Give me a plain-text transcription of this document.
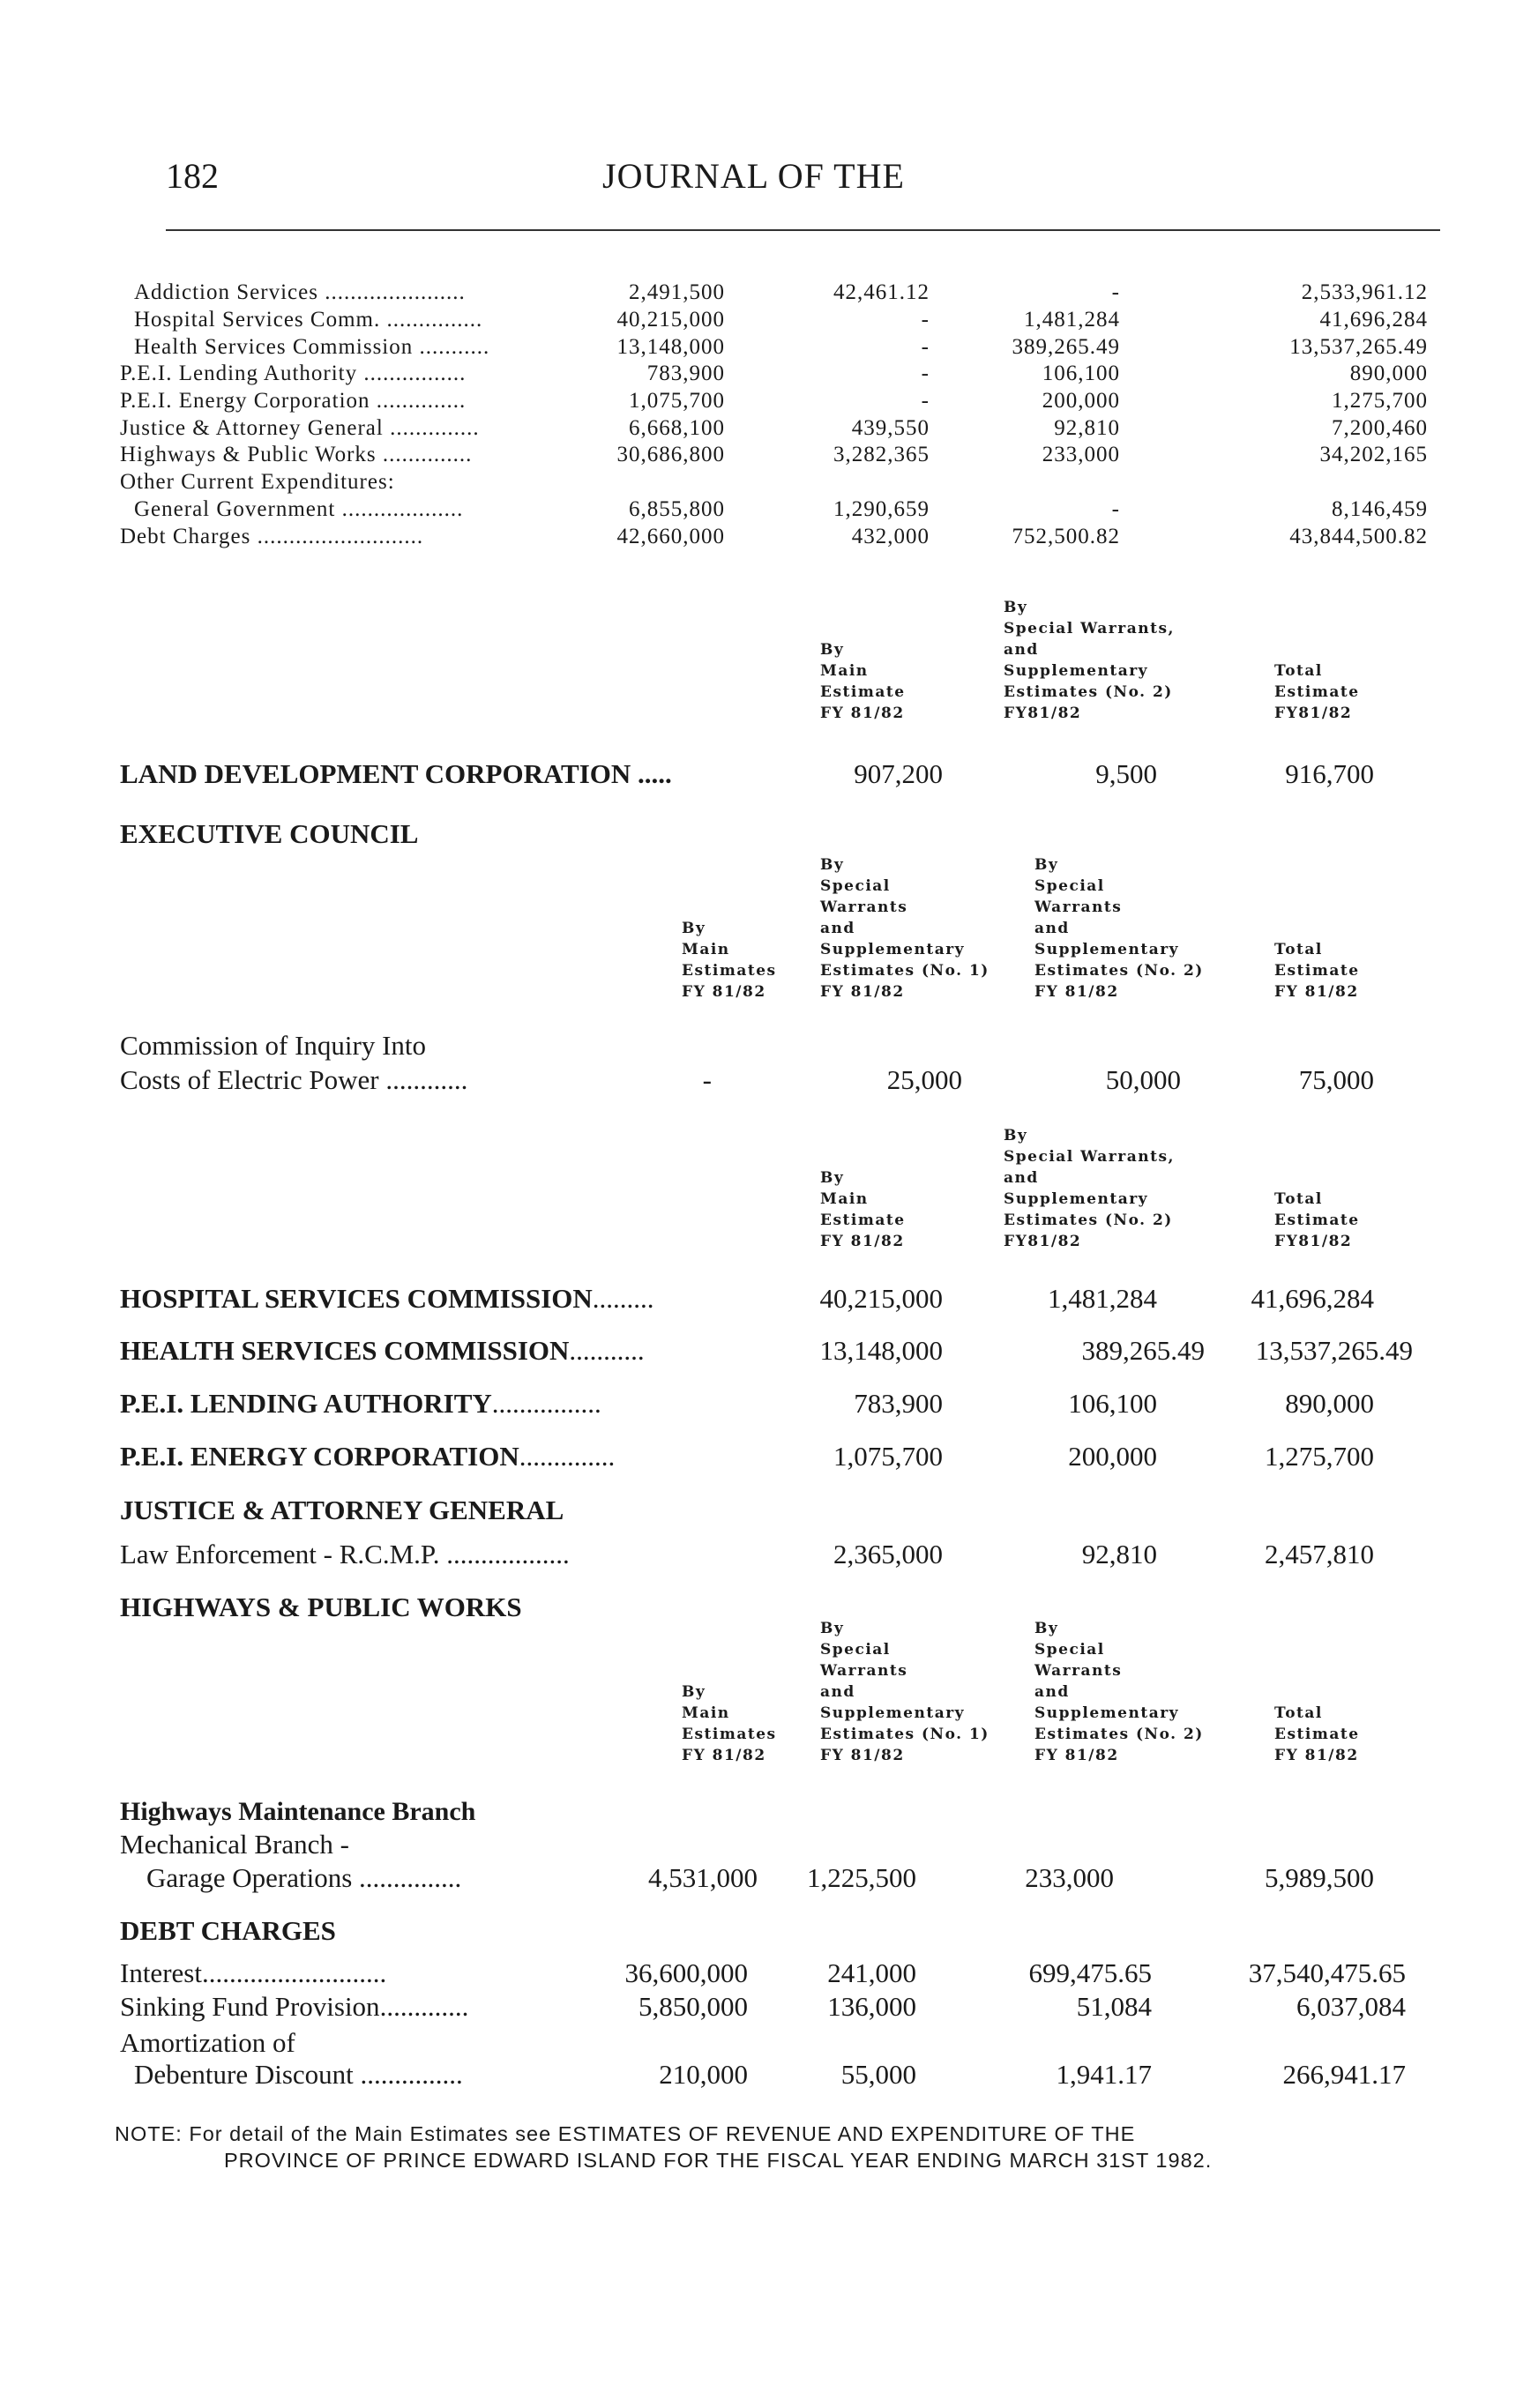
182	JOURNAL OF THE
Addiction Services ......................	2,491,500	42,461.12	-	2,533,961.12
Hospital Services Comm. ...............	40,215,000	-	1,481,284	41,696,284
Health Services Commission ...........	13,148,000	-	389,265.49	13,537,265.49
P.E.I. Lending Authority ................	783,900	-	106,100	890,000
P.E.I. Energy Corporation ..............	1,075,700	-	200,000	1,275,700
Justice & Attorney General ..............	6,668,100	439,550	92,810	7,200,460
Highways & Public Works ..............	30,686,800	3,282,365	233,000	34,202,165
Other Current Expenditures:
General Government ...................	6,855,800	1,290,659	-	8,146,459
Debt Charges ..........................	42,660,000	432,000	752,500.82	43,844,500.82
By
Main
Estimate
FY 81/82
By
Special Warrants,
and
Supplementary
Estimates (No. 2)
FY81/82
Total
Estimate
FY81/82
LAND DEVELOPMENT CORPORATION .....	907,200	9,500	916,700
EXECUTIVE COUNCIL
By
Main
Estimates
FY 81/82
By
Special
Warrants
and
Supplementary
Estimates (No. 1)
FY 81/82
By
Special
Warrants
and
Supplementary
Estimates (No. 2)
FY 81/82
Total
Estimate
FY 81/82
Commission of Inquiry Into
Costs of Electric Power ............	-	25,000	50,000	75,000
By
Main
Estimate
FY 81/82
By
Special Warrants,
and
Supplementary
Estimates (No. 2)
FY81/82
Total
Estimate
FY81/82
HOSPITAL SERVICES COMMISSION.........	40,215,000	1,481,284	41,696,284
HEALTH SERVICES COMMISSION...........	13,148,000	389,265.49 13,537,265.49
P.E.I. LENDING AUTHORITY................	783,900	106,100	890,000
P.E.I. ENERGY CORPORATION..............	1,075,700	200,000	1,275,700
JUSTICE & ATTORNEY GENERAL
Law Enforcement - R.C.M.P. ..................	2,365,000	92,810	2,457,810
HIGHWAYS & PUBLIC WORKS
By
Main
Estimates
FY 81/82
By
Special
Warrants
and
Supplementary
Estimates (No. 1)
FY 81/82
By
Special
Warrants
and
Supplementary
Estimates (No. 2)
FY 81/82
Total
Estimate
FY 81/82
Highways Maintenance Branch
Mechanical Branch -
Garage Operations ...............	4,531,000 1,225,500	233,000	5,989,500
DEBT CHARGES
Interest...........................	36,600,000	241,000	699,475.65	37,540,475.65
Sinking Fund Provision.............	5,850,000	136,000	51,084	6,037,084
Amortization of
Debenture Discount ...............	210,000	55,000	1,941.17	266,941.17
NOTE: For detail of the Main Estimates see ESTIMATES OF REVENUE AND EXPENDITURE OF THE
PROVINCE OF PRINCE EDWARD ISLAND FOR THE FISCAL YEAR ENDING MARCH 31ST 1982.
